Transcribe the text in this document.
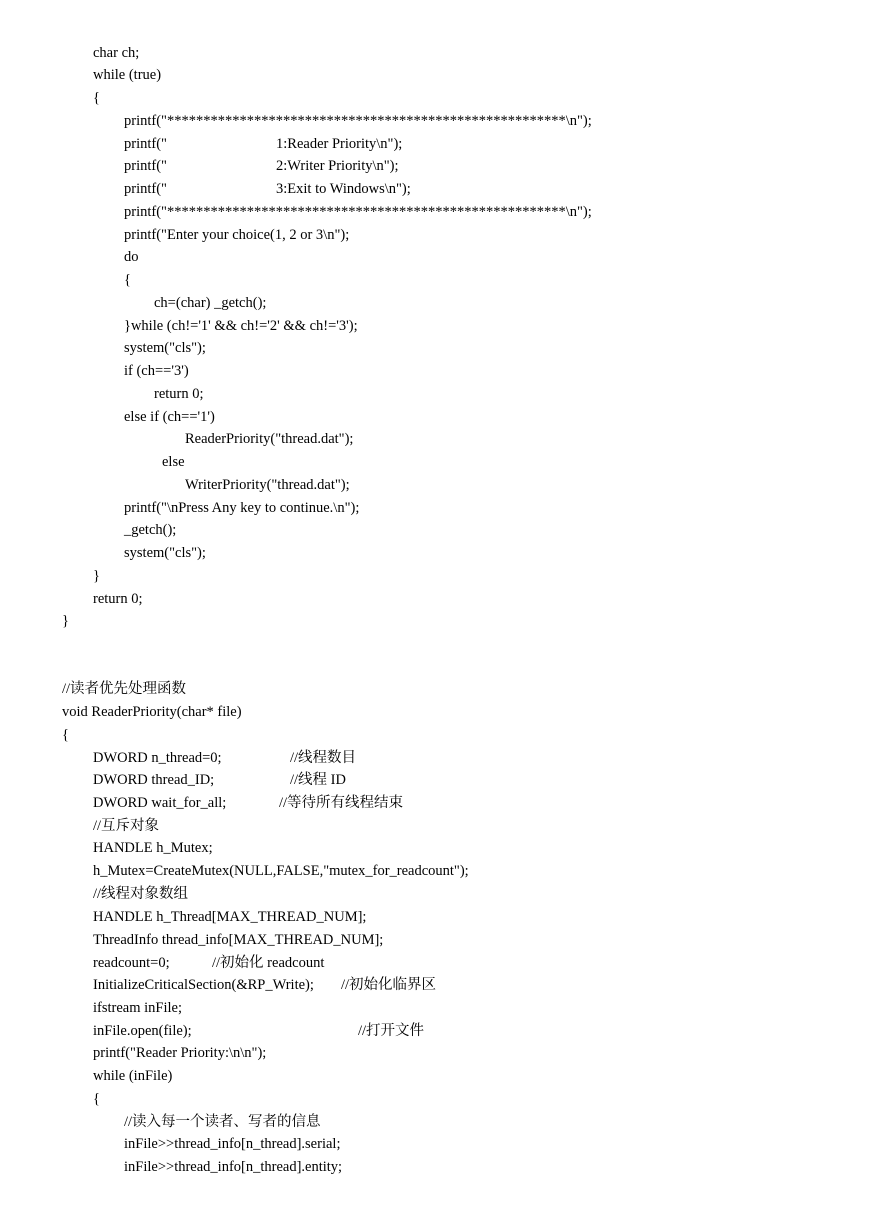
char ch;
while (true)
{
printf("*******************************************************\n");

printf("

	1:Reader Priority\n");

printf("

	2:Writer Priority\n");

printf("

	3:Exit to Windows\n");

printf("*******************************************************\n");
printf("Enter your choice(1, 2 or 3\n");
do
{
ch=(char) _getch();
}while (ch!='1' && ch!='2' && ch!='3');
system("cls");
if (ch=='3')
return 0;
else if (ch=='1')
ReaderPriority("thread.dat");
else
WriterPriority("thread.dat");
printf("\nPress Any key to continue.\n");
_getch();
system("cls");
}
return 0;
}
//读者优先处理函数
void ReaderPriority(char* file)
{

DWORD n_thread=0;

	//线程数目

DWORD thread_ID;

	//线程 ID

DWORD wait_for_all;

	//等待所有线程结束

//互斥对象
HANDLE h_Mutex;
h_Mutex=CreateMutex(NULL,FALSE,"mutex_for_readcount");
//线程对象数组
HANDLE h_Thread[MAX_THREAD_NUM];
ThreadInfo thread_info[MAX_THREAD_NUM];

readcount=0;

	//初始化 readcount

InitializeCriticalSection(&RP_Write);

//初始化临界区

ifstream inFile;

inFile.open(file);

	//打开文件

printf("Reader Priority:\n\n");
while (inFile)
{
//读入每一个读者、写者的信息
inFile>>thread_info[n_thread].serial;
inFile>>thread_info[n_thread].entity;
